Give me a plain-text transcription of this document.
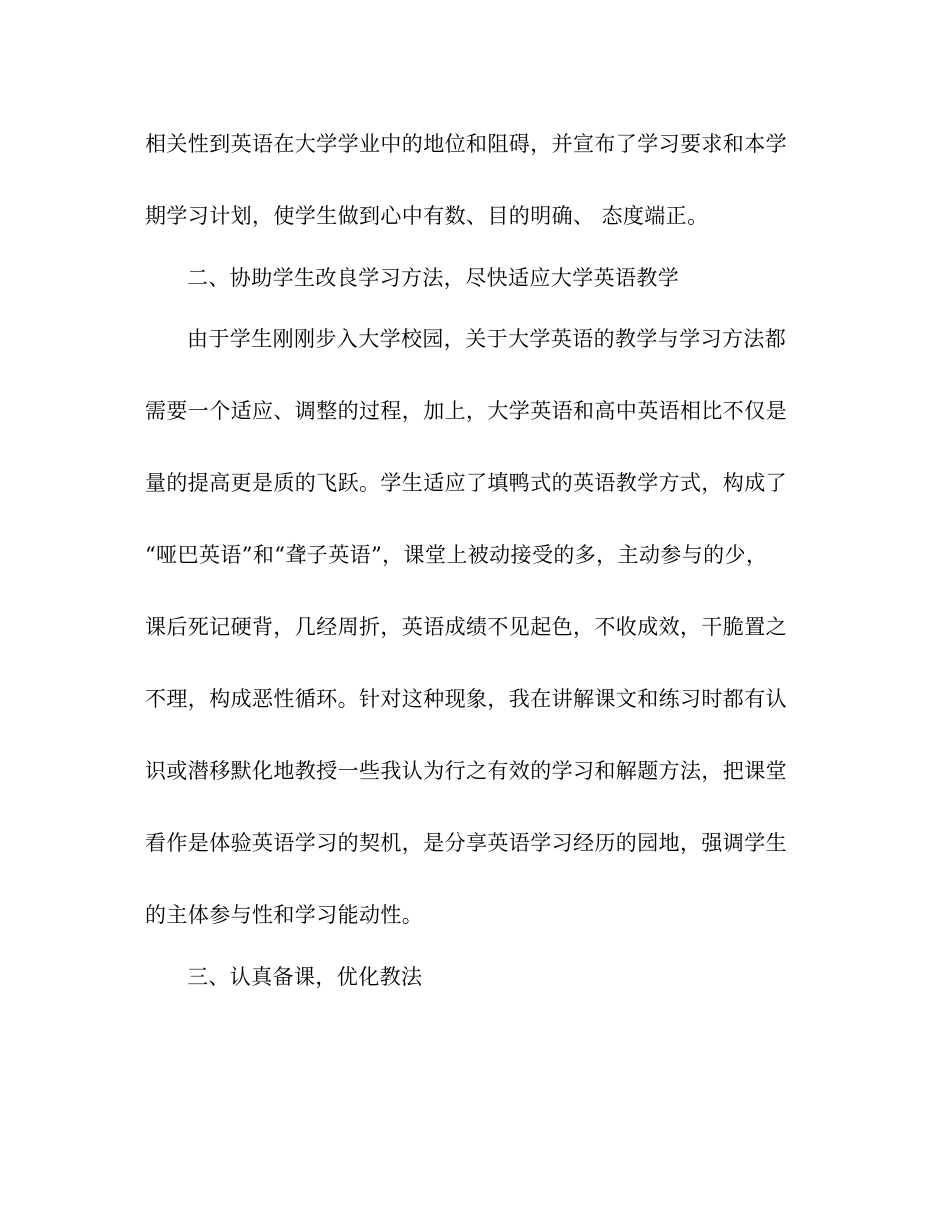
相关性到英语在大学学业中的地位和阻碍，并宣布了学习要求和本学
期学习计划，使学生做到心中有数、目的明确、 态度端正。
二、协助学生改良学习方法，尽快适应大学英语教学
由于学生刚刚步入大学校园，关于大学英语的教学与学习方法都
需要一个适应、调整的过程，加上，大学英语和高中英语相比不仅是
量的提高更是质的飞跃。学生适应了填鸭式的英语教学方式，构成了
“哑巴英语”和“聋子英语”，课堂上被动接受的多，主动参与的少，
课后死记硬背，几经周折，英语成绩不见起色，不收成效，干脆置之
不理，构成恶性循环。针对这种现象，我在讲解课文和练习时都有认
识或潜移默化地教授一些我认为行之有效的学习和解题方法，把课堂
看作是体验英语学习的契机，是分享英语学习经历的园地，强调学生
的主体参与性和学习能动性。
三、认真备课，优化教法
